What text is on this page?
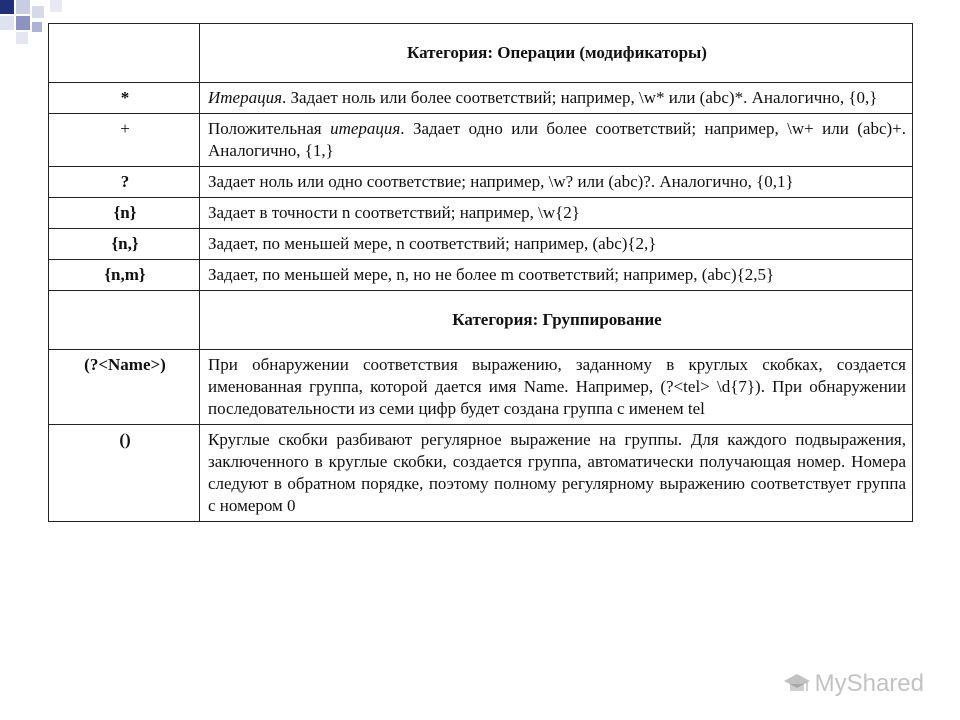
	Категория: Операции (модификаторы)
*	Итерация. Задает ноль или более соответствий; например, \w* или (abc)*. Аналогично, {0,}
+	Положительная итерация. Задает одно или более соответствий; например, \w+ или (abc)+. Аналогично, {1,}
?	Задает ноль или одно соответствие; например, \w? или (abc)?. Аналогично, {0,1}
{n}	Задает в точности n соответствий; например, \w{2}
{n,}	Задает, по меньшей мере, n соответствий; например, (abc){2,}
{n,m}	Задает, по меньшей мере, n, но не более m соответствий; например, (abc){2,5}
	Категория: Группирование
(?<Name>)	При обнаружении соответствия выражению, заданному в круглых скобках, создается именованная группа, которой дается имя Name. Например, (?<tel> \d{7}). При обнаружении последовательности из семи цифр будет создана группа с именем tel
()	Круглые скобки разбивают регулярное выражение на группы. Для каждого подвыражения, заключенного в круглые скобки, создается группа, автоматически получающая номер. Номера следуют в обратном порядке, поэтому полному регулярному выражению соответствует группа с номером 0
MyShared
